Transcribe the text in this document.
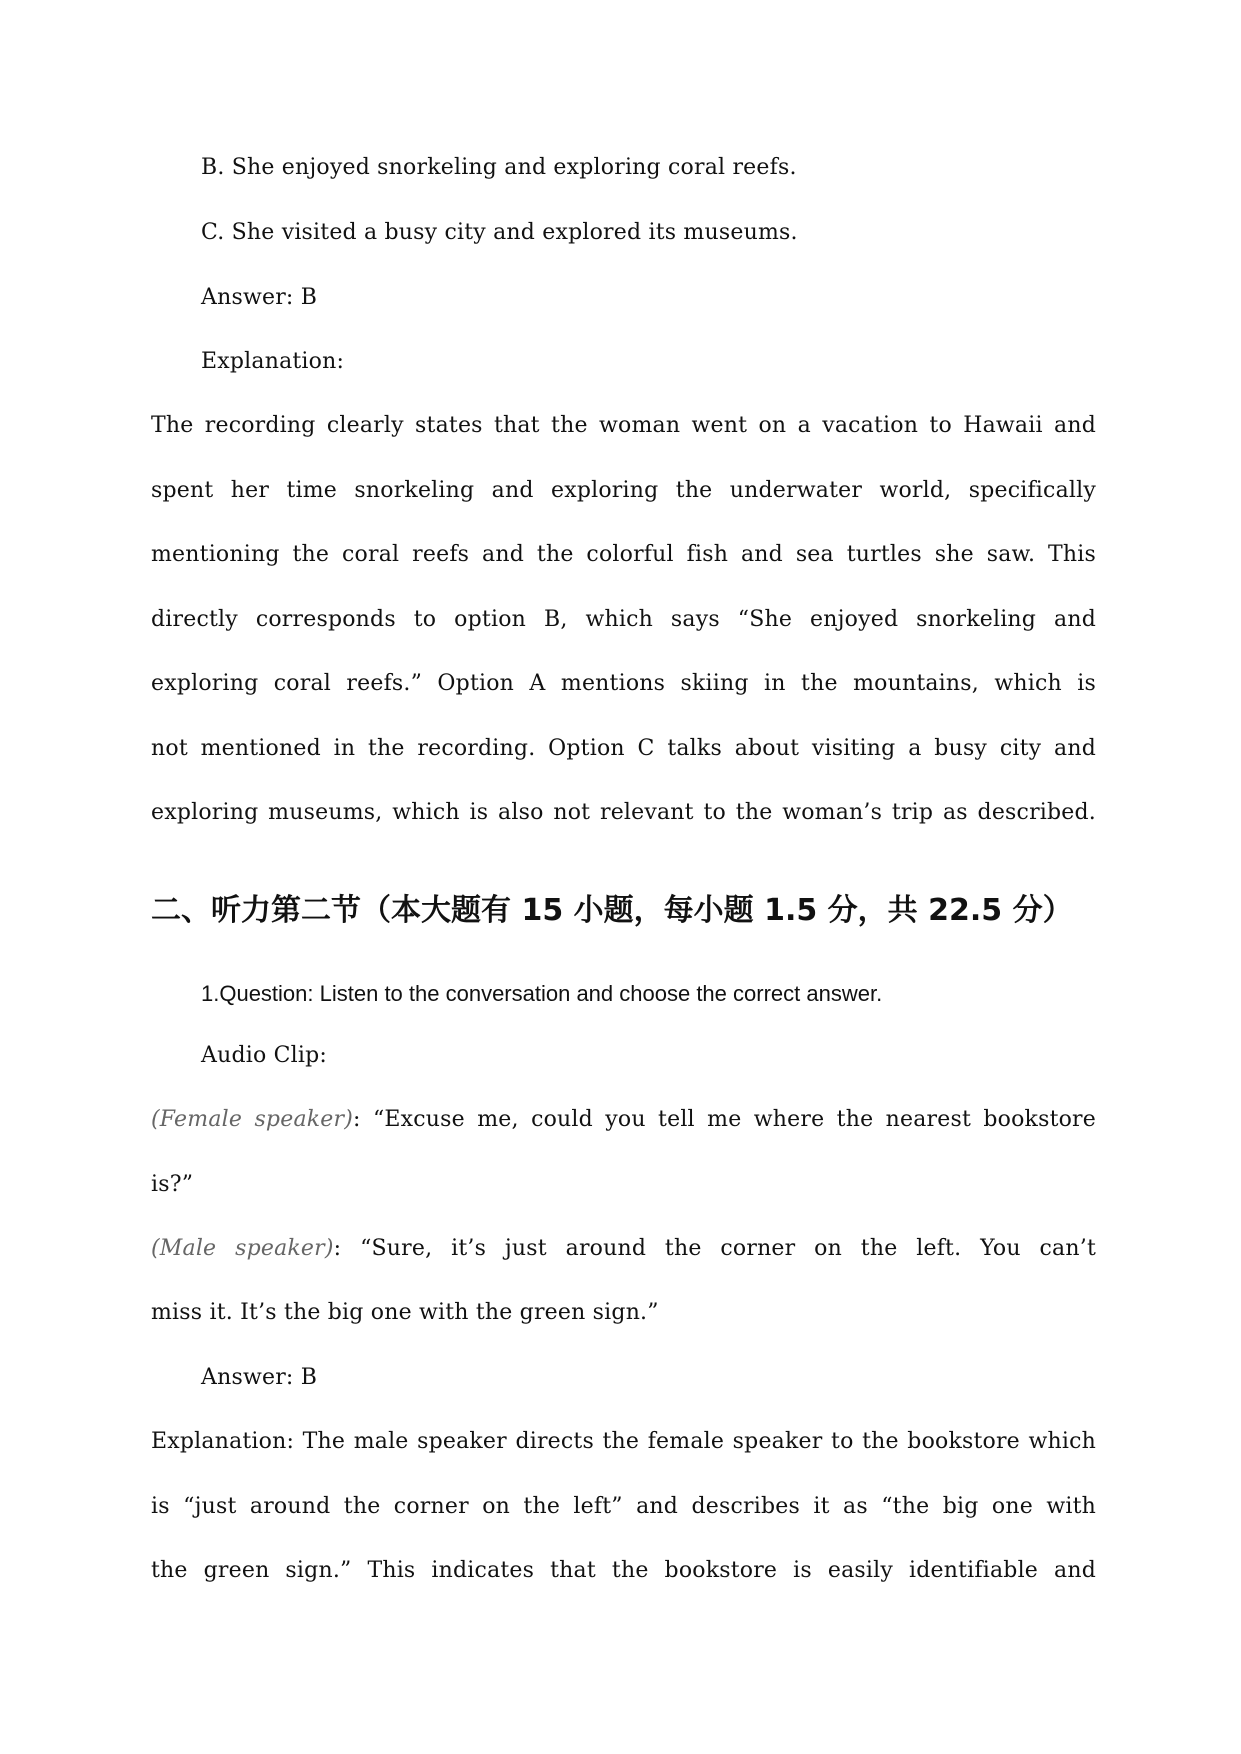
B. She enjoyed snorkeling and exploring coral reefs.
C. She visited a busy city and explored its museums.
Answer: B
Explanation:
The recording clearly states that the woman went on a vacation to Hawaii and
spent her time snorkeling and exploring the underwater world, specifically
mentioning the coral reefs and the colorful fish and sea turtles she saw. This
directly corresponds to option B, which says “She enjoyed snorkeling and
exploring coral reefs.” Option A mentions skiing in the mountains, which is
not mentioned in the recording. Option C talks about visiting a busy city and
exploring museums, which is also not relevant to the woman’s trip as described.
二、听力第二节（本大题有 15 小题，每小题 1.5 分，共 22.5 分）
1.Question: Listen to the conversation and choose the correct answer.
Audio Clip:
(Female speaker): “Excuse me, could you tell me where the nearest bookstore
is?”
(Male speaker): “Sure, it’s just around the corner on the left. You can’t
miss it. It’s the big one with the green sign.”
Answer: B
Explanation: The male speaker directs the female speaker to the bookstore which
is “just around the corner on the left” and describes it as “the big one with
the green sign.” This indicates that the bookstore is easily identifiable and
